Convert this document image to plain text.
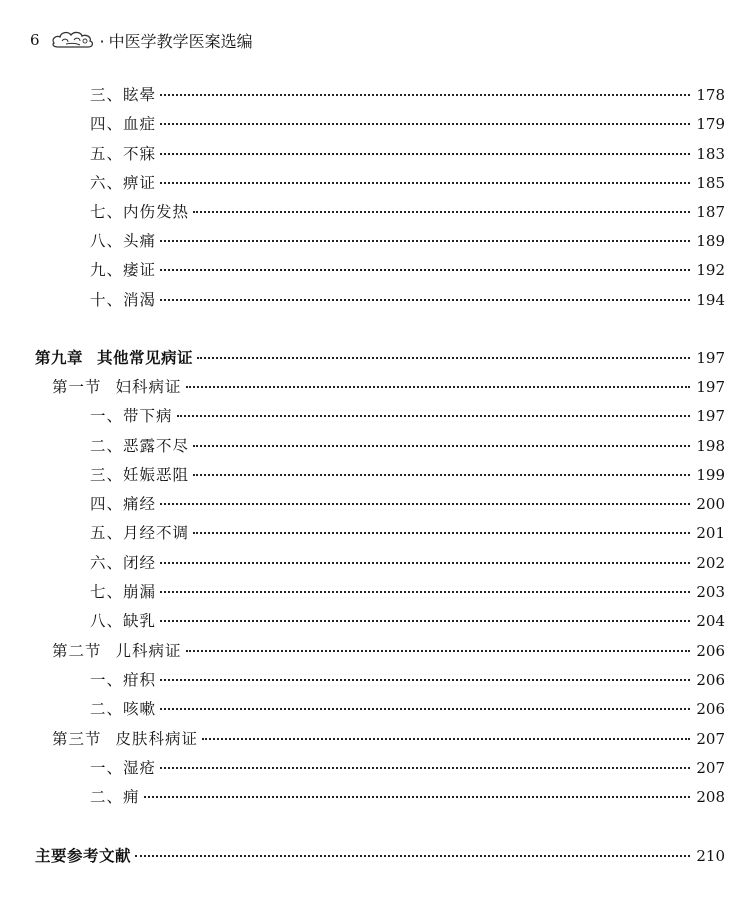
6	· 中医学教学医案选编
三、眩晕	178
四、血症	179
五、不寐	183
六、痹证	185
七、内伤发热	187
八、头痛	189
九、痿证	192
十、消渴	194
第九章 其他常见病证	197
第一节 妇科病证	197
一、带下病	197
二、恶露不尽	198
三、妊娠恶阻	199
四、痛经	200
五、月经不调	201
六、闭经	202
七、崩漏	203
八、缺乳	204
第二节 儿科病证	206
一、疳积	206
二、咳嗽	206
第三节 皮肤科病证	207
一、湿疮	207
二、痈	208
主要参考文献	210
